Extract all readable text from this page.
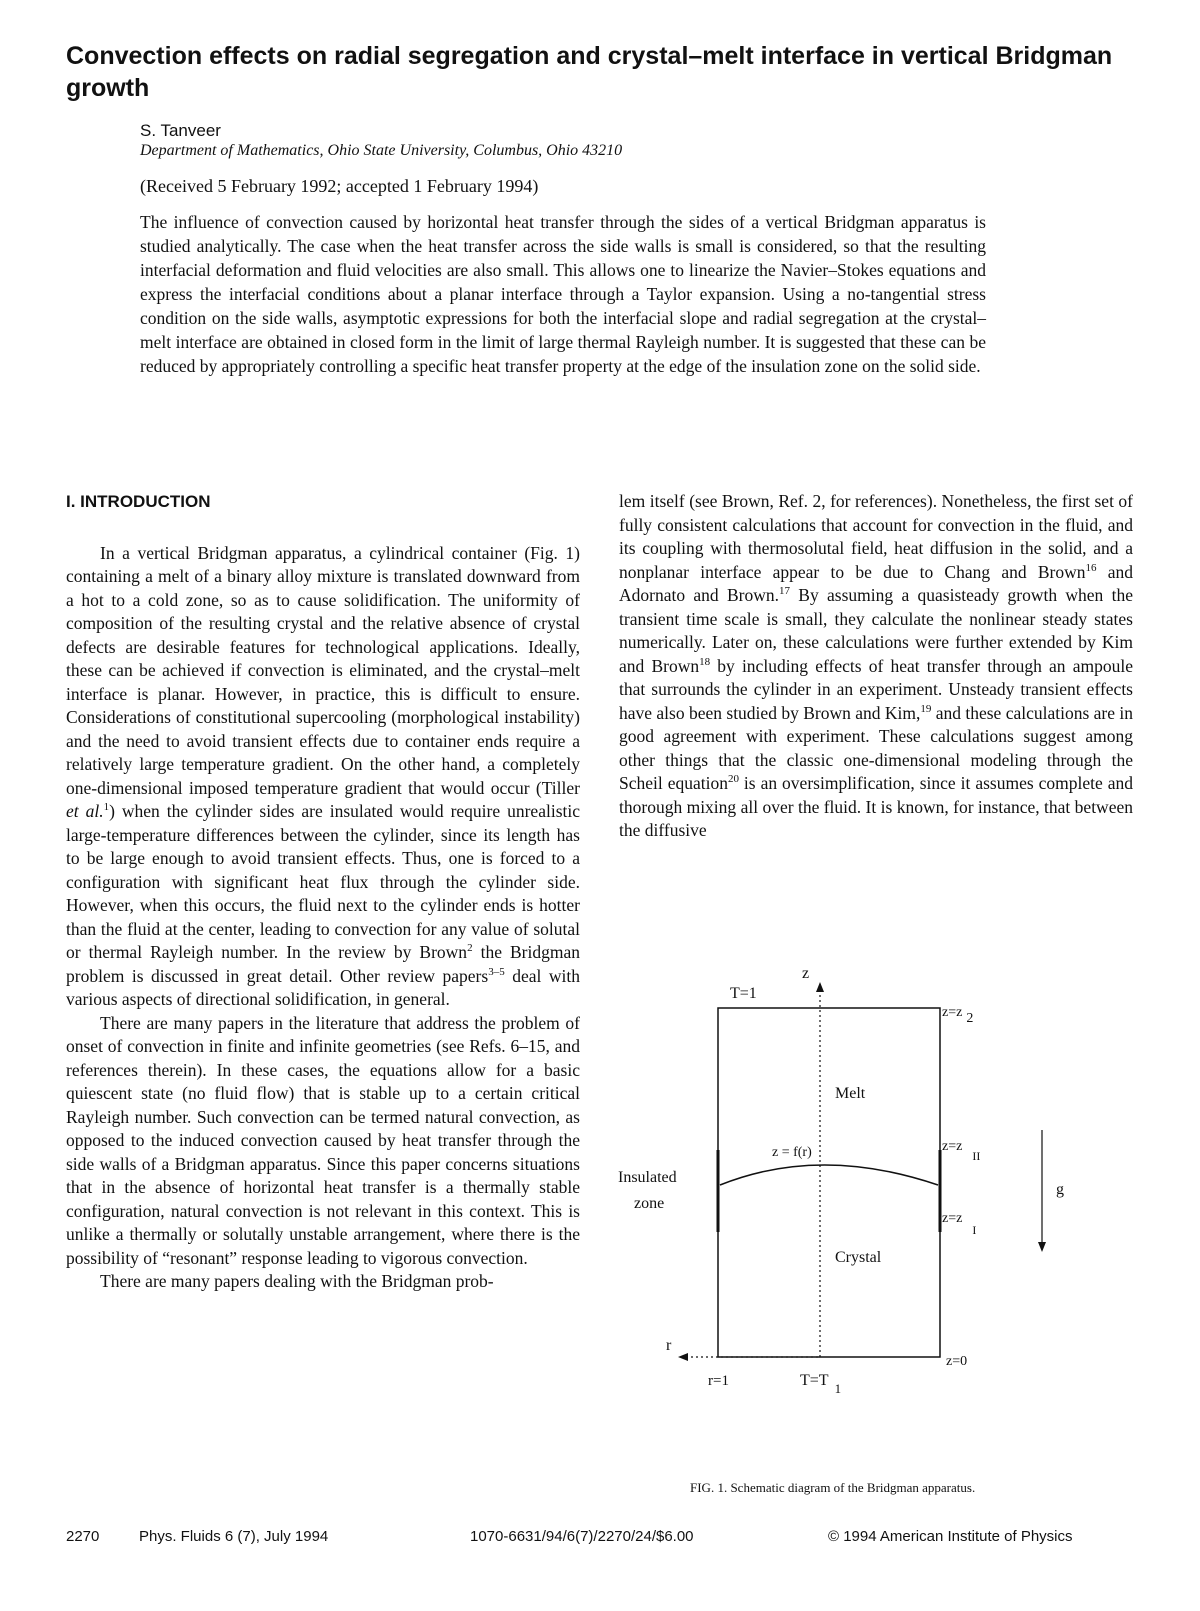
Convection effects on radial segregation and crystal–melt interface in vertical Bridgman growth
S. Tanveer
Department of Mathematics, Ohio State University, Columbus, Ohio 43210
(Received 5 February 1992; accepted 1 February 1994)
The influence of convection caused by horizontal heat transfer through the sides of a vertical Bridgman apparatus is studied analytically. The case when the heat transfer across the side walls is small is considered, so that the resulting interfacial deformation and fluid velocities are also small. This allows one to linearize the Navier–Stokes equations and express the interfacial conditions about a planar interface through a Taylor expansion. Using a no-tangential stress condition on the side walls, asymptotic expressions for both the interfacial slope and radial segregation at the crystal–melt interface are obtained in closed form in the limit of large thermal Rayleigh number. It is suggested that these can be reduced by appropriately controlling a specific heat transfer property at the edge of the insulation zone on the solid side.
I. INTRODUCTION

In a vertical Bridgman apparatus, a cylindrical container (Fig. 1) containing a melt of a binary alloy mixture is translated downward from a hot to a cold zone, so as to cause solidification. The uniformity of composition of the resulting crystal and the relative absence of crystal defects are desirable features for technological applications. Ideally, these can be achieved if convection is eliminated, and the crystal–melt interface is planar. However, in practice, this is difficult to ensure. Considerations of constitutional supercooling (morphological instability) and the need to avoid transient effects due to container ends require a relatively large temperature gradient. On the other hand, a completely one-dimensional imposed temperature gradient that would occur (Tiller et al.$^1$) when the cylinder sides are insulated would require unrealistic large-temperature differences between the cylinder, since its length has to be large enough to avoid transient effects. Thus, one is forced to a configuration with significant heat flux through the cylinder side. However, when this occurs, the fluid next to the cylinder ends is hotter than the fluid at the center, leading to convection for any value of solutal or thermal Rayleigh number. In the review by Brown$^2$ the Bridgman problem is discussed in great detail. Other review papers$^{3-5}$ deal with various aspects of directional solidification, in general.

There are many papers in the literature that address the problem of onset of convection in finite and infinite geometries (see Refs. 6–15, and references therein). In these cases, the equations allow for a basic quiescent state (no fluid flow) that is stable up to a certain critical Rayleigh number. Such convection can be termed natural convection, as opposed to the induced convection caused by heat transfer through the side walls of a Bridgman apparatus. Since this paper concerns situations that in the absence of horizontal heat transfer is a thermally stable configuration, natural convection is not relevant in this context. This is unlike a thermally or solutally unstable arrangement, where there is the possibility of “resonant” response leading to vigorous convection.

There are many papers dealing with the Bridgman prob-

lem itself (see Brown, Ref. 2, for references). Nonetheless, the first set of fully consistent calculations that account for convection in the fluid, and its coupling with thermosolutal field, heat diffusion in the solid, and a nonplanar interface appear to be due to Chang and Brown$^{16}$ and Adornato and Brown.$^{17}$ By assuming a quasisteady growth when the transient time scale is small, they calculate the nonlinear steady states numerically. Later on, these calculations were further extended by Kim and Brown$^{18}$ by including effects of heat transfer through an ampoule that surrounds the cylinder in an experiment. Unsteady transient effects have also been studied by Brown and Kim,$^{19}$ and these calculations are in good agreement with experiment. These calculations suggest among other things that the classic one-dimensional modeling through the Scheil equation$^{20}$ is an oversimplification, since it assumes complete and thorough mixing all over the fluid. It is known, for instance, that between the diffusive

z
r
T=1
z=z 2
Melt
z = f(r)	z=zII
Insulated
zone
g
z=zI
Crystal
z=0
r=1	T=T $_1$
FIG. 1. Schematic diagram of the Bridgman apparatus.
2270	Phys. Fluids 6 (7), July 1994	1070-6631/94/6(7)/2270/24/$6.00	© 1994 American Institute of Physics
